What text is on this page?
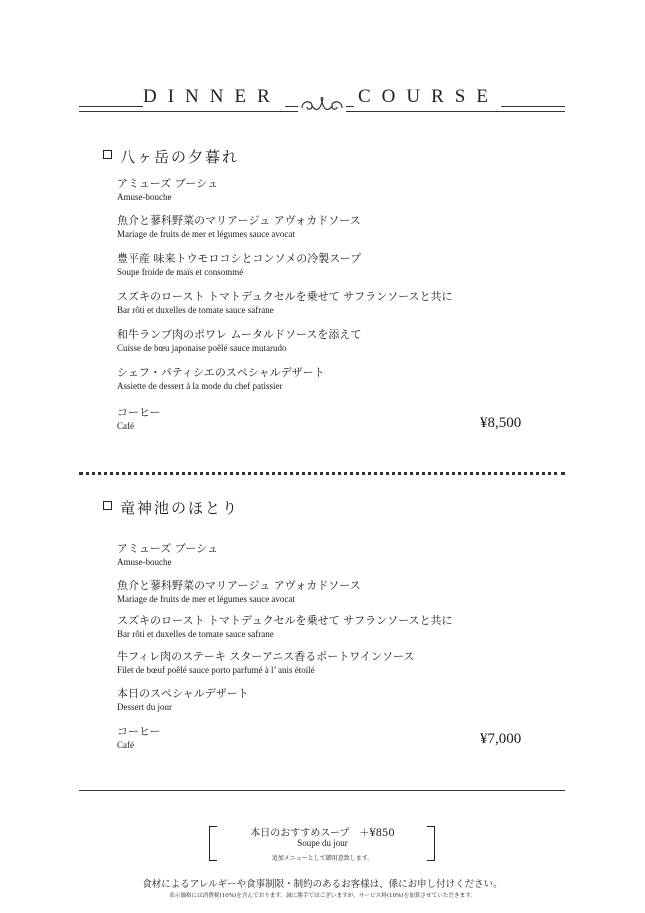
DINNER	COURSE
八ヶ岳の夕暮れ
アミューズ ブーシュ
Amuse-bouche
魚介と蓼科野菜のマリアージュ アヴォカドソース
Mariage de fruits de mer et légumes sauce avocat
豊平産 味来トウモロコシとコンソメの冷製スープ
Soupe froide de maïs et consommé
スズキのロースト トマトデュクセルを乗せて サフランソースと共に
Bar rôti et duxelles de tomate sauce safrane
和牛ランプ肉のポワレ ムータルドソースを添えて
Cuisse de bœu japonaise poêlé sauce mutarudo
シェフ・パティシエのスペシャルデザート
Assiette de dessert à la mode du chef patissier
コーヒー
Café	¥8,500
竜神池のほとり
アミューズ ブーシュ
Amuse-bouche
魚介と蓼科野菜のマリアージュ アヴォカドソース
Mariage de fruits de mer et légumes sauce avocat
スズキのロースト トマトデュクセルを乗せて サフランソースと共に
Bar rôti et duxelles de tomate sauce safrane
牛フィレ肉のステーキ スターアニス香るポートワインソース
Filet de bœuf poêlé sauce porto parfumé à l’ anis étoilé
本日のスペシャルデザート
Dessert du jour
コーヒー
Café	¥7,000
本日のおすすめスープ　＋¥850
Soupe du jour
追加メニューとして御用意致します。
食材によるアレルギーや食事制限・制約のあるお客様は、係にお申し付けください。
表示価格には消費税(10%)を含んでおります。誠に勝手ではございますが、サービス料(10%)を加算させていただきます。
